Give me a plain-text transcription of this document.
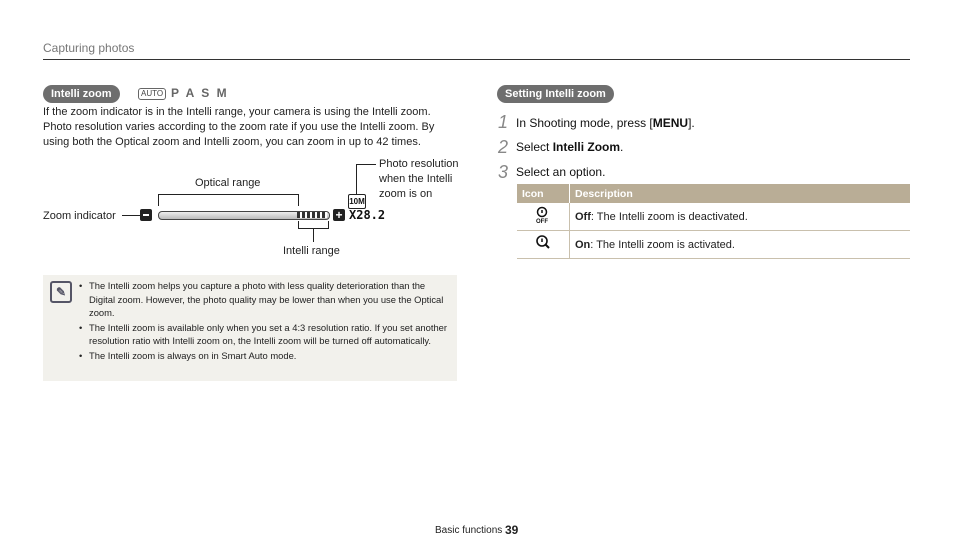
Capturing photos
Intelli zoom	AUTO P A S M
If the zoom indicator is in the Intelli range, your camera is using the Intelli zoom. Photo resolution varies according to the zoom rate if you use the Intelli zoom. By using both the Optical zoom and Intelli zoom, you can zoom in up to 42 times.
Optical range
Zoom indicator	+ X28.2
10M
Intelli range
Photo resolution
when the Intelli
zoom is on
✎	• The Intelli zoom helps you capture a photo with less quality deterioration than the Digital zoom. However, the photo quality may be lower than when you use the Optical zoom.
• The Intelli zoom is available only when you set a 4:3 resolution ratio. If you set another resolution ratio with Intelli zoom on, the Intelli zoom will be turned off automatically.
• The Intelli zoom is always on in Smart Auto mode.
Setting Intelli zoom
1 In Shooting mode, press [MENU].
2 Select Intelli Zoom.
3 Select an option.
Icon	Description

OFF	Off: The Intelli zoom is deactivated.
	On: The Intelli zoom is activated.
Basic functions 39
